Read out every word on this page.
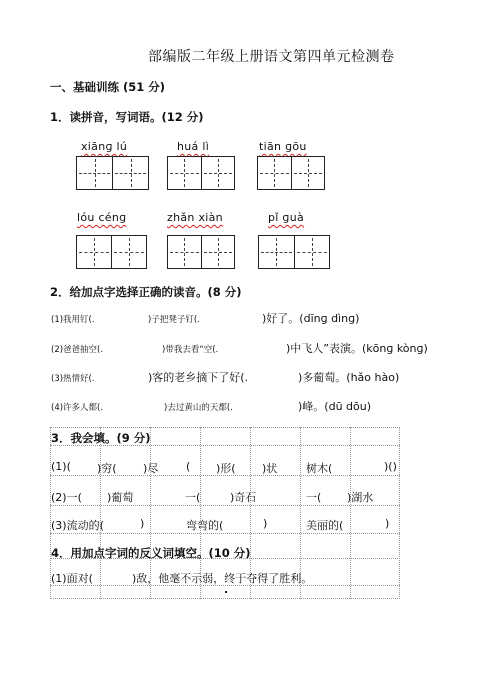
部编版二年级上册语文第四单元检测卷
一、基础训练 (51 分)
1．读拼音，写词语。(12 分)
xiānɡ lú	huá lì	tiān ɡōu
lóu cénɡ	zhǎn xiàn	pǐ ɡuà
2．给加点字选择正确的读音。(8 分)
(1)我用钉(.	)子把凳子钉(.	)好了。(dīnɡ dìnɡ)
(2)爸爸抽空(.	)带我去看“空(.	)中飞人”表演。(kōnɡ kònɡ)
(3)热情好(.	)客的老乡摘下了好(.	)多葡萄。(hǎo hào)
(4)许多人都(.	)去过黄山的天都(.	)峰。(dū dōu)
3．我会填。(9 分)
(1)( )穷( )尽	( )形( )状	树木(	)()
(2)一( )葡萄	一(	)奇石	一( )湖水
(3)流动的(	)	弯弯的(	)	美丽的(	)
4．用加点字词的反义词填空。(10 分)
(1)面对(	)敌，他毫不示弱，终于夺得了胜利。
.
